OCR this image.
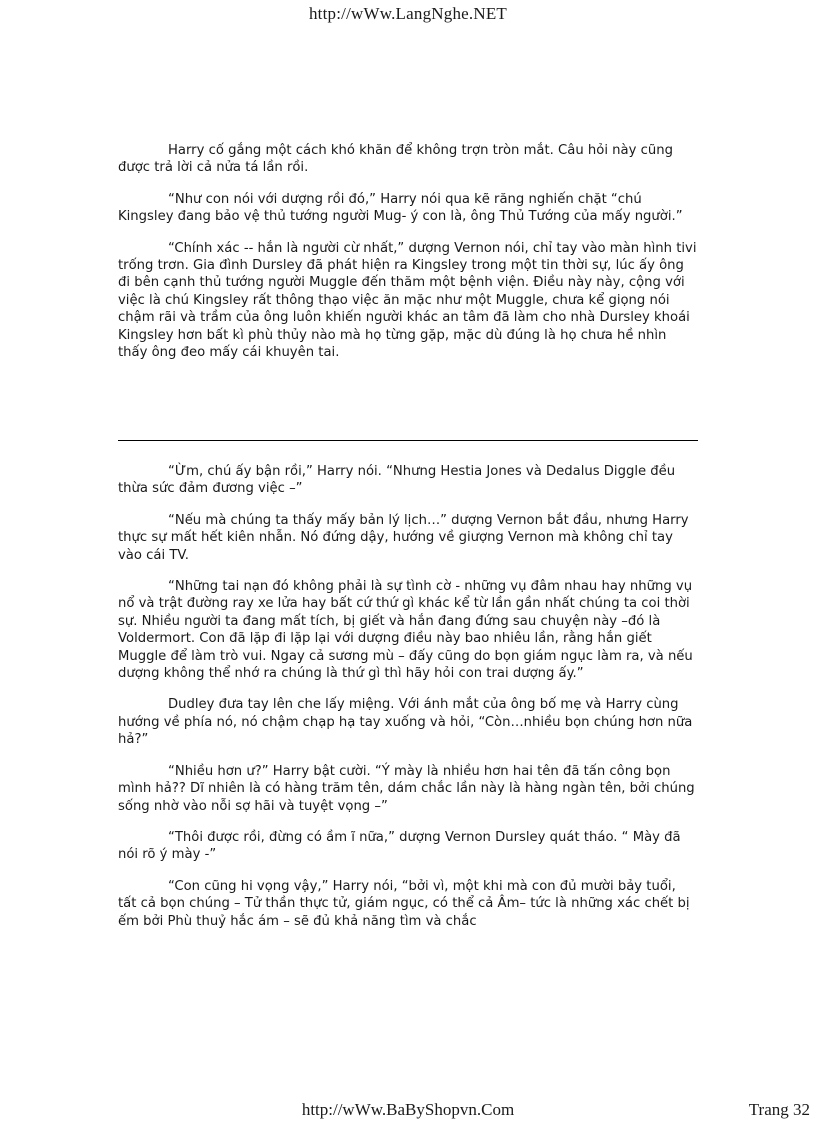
http://wWw.LangNghe.NET

Harry cố gắng một cách khó khăn để không trợn tròn mắt. Câu hỏi này cũng được trả lời cả nửa tá lần rồi.

“Như con nói với dượng rồi đó,” Harry nói qua kẽ răng nghiến chặt “chú Kingsley đang bảo vệ thủ tướng người Mug- ý con là, ông Thủ Tướng của mấy người.”

“Chính xác -- hắn là người cừ nhất,” dượng Vernon nói, chỉ tay vào màn hình tivi trống trơn. Gia đình Dursley đã phát hiện ra Kingsley trong một tin thời sự, lúc ấy ông đi bên cạnh thủ tướng người Muggle đến thăm một bệnh viện. Điều này này, cộng với việc là chú Kingsley rất thông thạo việc ăn mặc như một Muggle, chưa kể giọng nói chậm rãi và trầm của ông luôn khiến người khác an tâm đã làm cho nhà Dursley khoái Kingsley hơn bất kì phù thủy nào mà họ từng gặp, mặc dù đúng là họ chưa hề nhìn thấy ông đeo mấy cái khuyên tai.

“Ừm, chú ấy bận rồi,” Harry nói. “Nhưng Hestia Jones và Dedalus Diggle đều thừa sức đảm đương việc –”

“Nếu mà chúng ta thấy mấy bản lý lịch…” dượng Vernon bắt đầu, nhưng Harry thực sự mất hết kiên nhẫn. Nó đứng dậy, hướng về giượng Vernon mà không chỉ tay vào cái TV.

“Những tai nạn đó không phải là sự tình cờ - những vụ đâm nhau hay những vụ nổ và trật đường ray xe lửa hay bất cứ thứ gì khác kể từ lần gần nhất chúng ta coi thời sự. Nhiều người ta đang mất tích, bị giết và hắn đang đứng sau chuyện này –đó là Voldermort. Con đã lặp đi lặp lại với dượng điều này bao nhiêu lần, rằng hắn giết Muggle để làm trò vui. Ngay cả sương mù – đấy cũng do bọn giám ngục làm ra, và nếu dượng không thể nhớ ra chúng là thứ gì thì hãy hỏi con trai dượng ấy.”

Dudley đưa tay lên che lấy miệng. Với ánh mắt của ông bố mẹ và Harry cùng hướng về phía nó, nó chậm chạp hạ tay xuống và hỏi, “Còn…nhiều bọn chúng hơn nữa hả?”

“Nhiều hơn ư?” Harry bật cười. “Ý mày là nhiều hơn hai tên đã tấn công bọn mình hả?? Dĩ nhiên là có hàng trăm tên, dám chắc lần này là hàng ngàn tên, bởi chúng sống nhờ vào nỗi sợ hãi và tuyệt vọng –”

“Thôi được rồi, đừng có ầm ĩ nữa,” dượng Vernon Dursley quát tháo. “ Mày đã nói rõ ý mày -”

“Con cũng hi vọng vậy,” Harry nói, “bởi vì, một khi mà con đủ mười bảy tuổi, tất cả bọn chúng – Tử thần thực tử, giám ngục, có thể cả Âm– tức là những xác chết bị ếm bởi Phù thuỷ hắc ám – sẽ đủ khả năng tìm và chắc

http://wWw.BaByShopvn.Com	Trang 32
